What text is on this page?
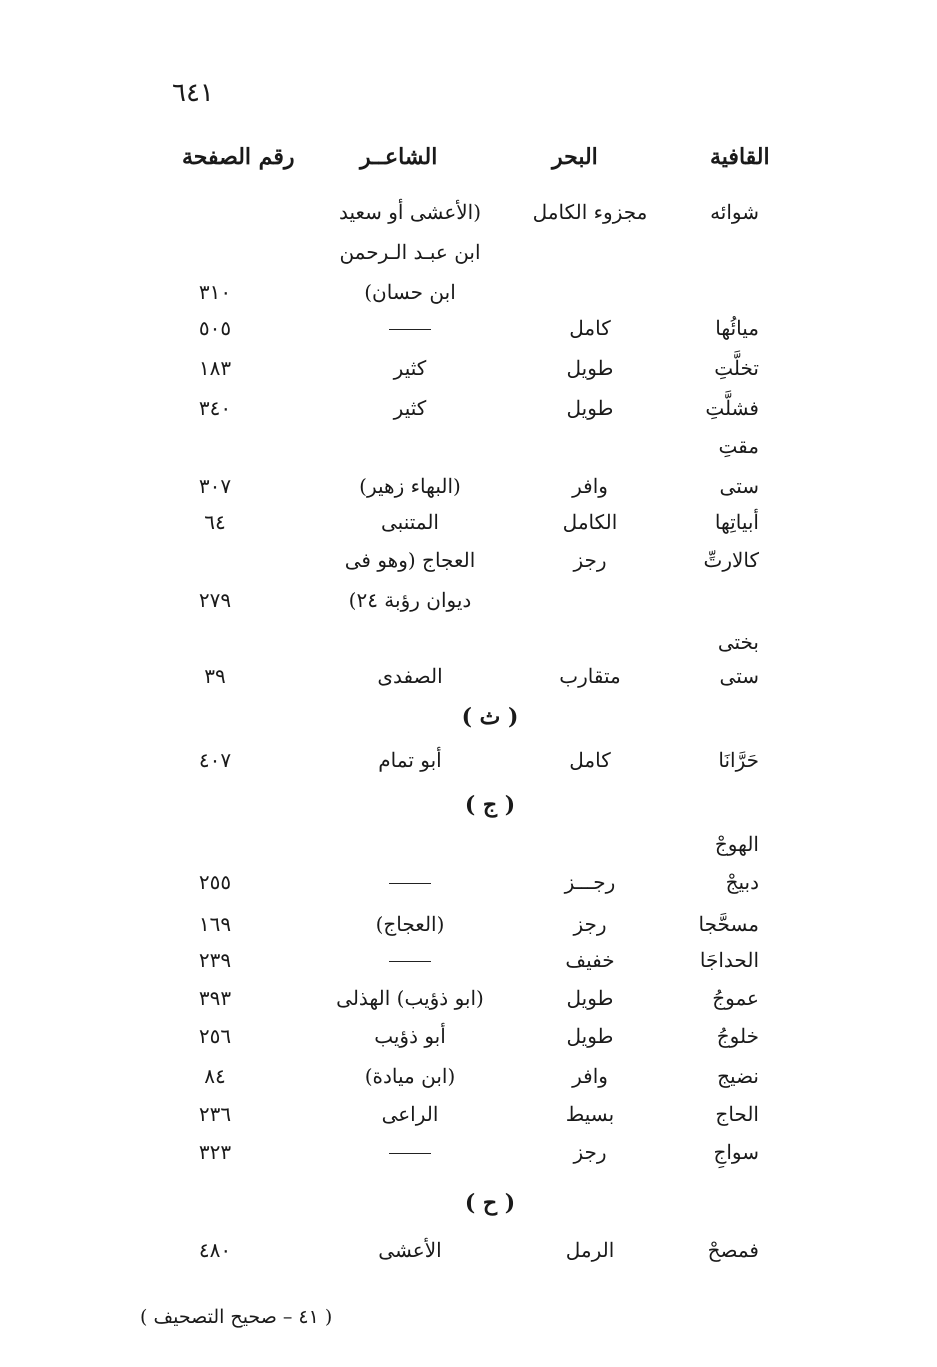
٦٤١
القافية
البحر
الشاعــر
رقم الصفحة
شوائه
مجزوء الكامل
(الأعشى أو سعيد
ابن عبـد الـرحمن
ابن حسان)
٣١٠
ميائُها
كامل
٥٠٥
تخلَّتِ
طويل
كثير
١٨٣
فشلَّتِ
طويل
كثير
٣٤٠
مقتِ
ستى
وافر
(البهاء زهير)
٣٠٧
أبياتِها
الكامل
المتنبى
٦٤
كالارتِّ
رجز
العجاج (وهو فى
ديوان رؤبة ٢٤)
٢٧٩
بختى
ستى
متقارب
الصفدى
٣٩
حَرَّانَا
كامل
أبو تمام
٤٠٧
الهوجْ
دبيجْ
رجـــز
٢٥٥
مسحَّجا
رجز
(العجاج)
١٦٩
الحداجَا
خفيف
٢٣٩
عموجُ
طويل
(ابو ذؤيب) الهذلى
٣٩٣
خلوجُ
طويل
أبو ذؤيب
٢٥٦
نضيج
وافر
(ابن ميادة)
٨٤
الحاج
بسيط
الراعى
٢٣٦
سواجِ
رجز
٣٢٣
فمصحْ
الرمل
الأعشى
٤٨٠
( ث )
( ج )
( ح )
( ٤١ – صحيح التصحيف )
